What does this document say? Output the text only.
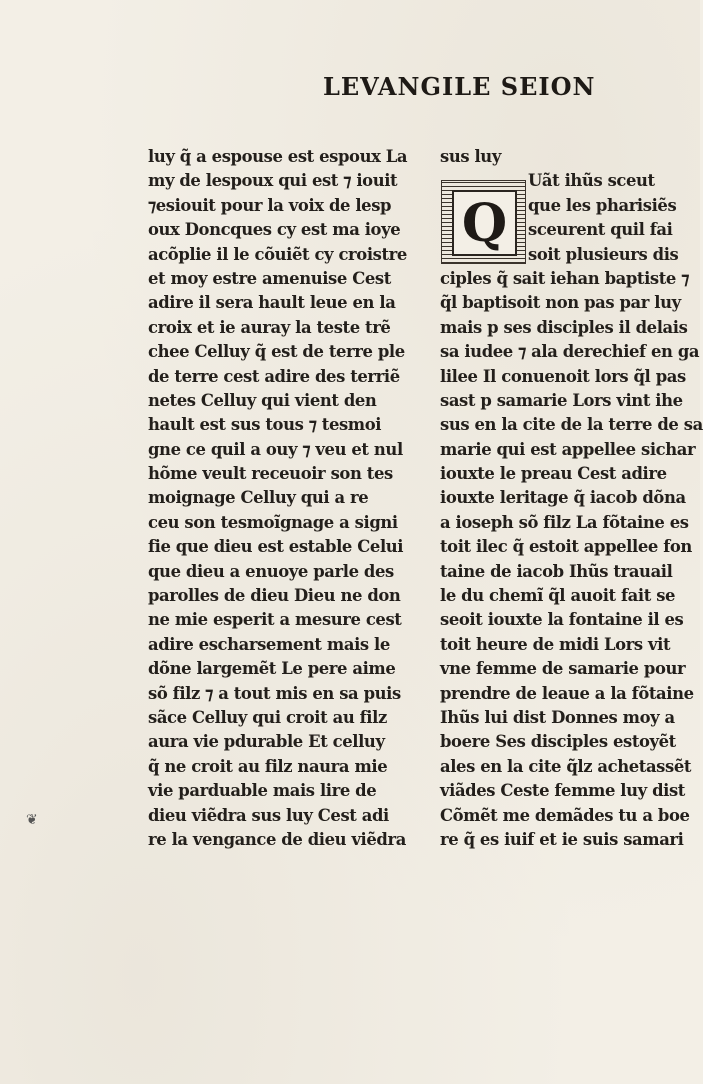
LEVANGILE SEION
luy q̃ a espouse est espoux La
my de lespoux qui est ⁊ iouit
⁊esiouit pour la voix de lesp
oux Doncques cy est ma ioye
acõplie il le cõuiẽt cy croistre
et moy estre amenuise Cest
adire il sera hault leue en la
croix et ie auray la teste trẽ
chee Celluy q̃ est de terre ple
de terre cest adire des terriẽ
netes Celluy qui vient den
hault est sus tous ⁊ tesmoi
gne ce quil a ouy ⁊ veu et nul
hõme veult receuoir son tes
moignage Celluy qui a re
ceu son tesmoĩgnage a signi
fie que dieu est estable Celui
que dieu a enuoye parle des
parolles de dieu Dieu ne don
ne mie esperit a mesure cest
adire escharsement mais le
dõne largemẽt Le pere aime
sõ filz ⁊ a tout mis en sa puis
sãce Celluy qui croit au filz
aura vie pdurable Et celluy
q̃ ne croit au filz naura mie
vie parduable mais lire de
dieu viẽdra sus luy Cest adi
re la vengance de dieu viẽdra
Q
sus luy
Uãt ihũs sceut
que les pharisiẽs
sceurent quil fai
soit plusieurs dis
ciples q̃ sait iehan baptiste ⁊
q̃l baptisoit non pas par luy
mais p ses disciples il delais
sa iudee ⁊ ala derechief en ga
lilee Il conuenoit lors q̃l pas
sast p samarie Lors vint ihe
sus en la cite de la terre de sa
marie qui est appellee sichar
iouxte le preau Cest adire
iouxte leritage q̃ iacob dõna
a ioseph sõ filz La fõtaine es
toit ilec q̃ estoit appellee fon
taine de iacob Ihũs trauail
le du chemĩ q̃l auoit fait se
seoit iouxte la fontaine il es
toit heure de midi Lors vit
vne femme de samarie pour
prendre de leaue a la fõtaine
Ihũs lui dist Donnes moy a
boere Ses disciples estoyẽt
ales en la cite q̃lz achetassẽt
viãdes Ceste femme luy dist
Cõmẽt me demãdes tu a boe
re q̃ es iuif et ie suis samari
❦
